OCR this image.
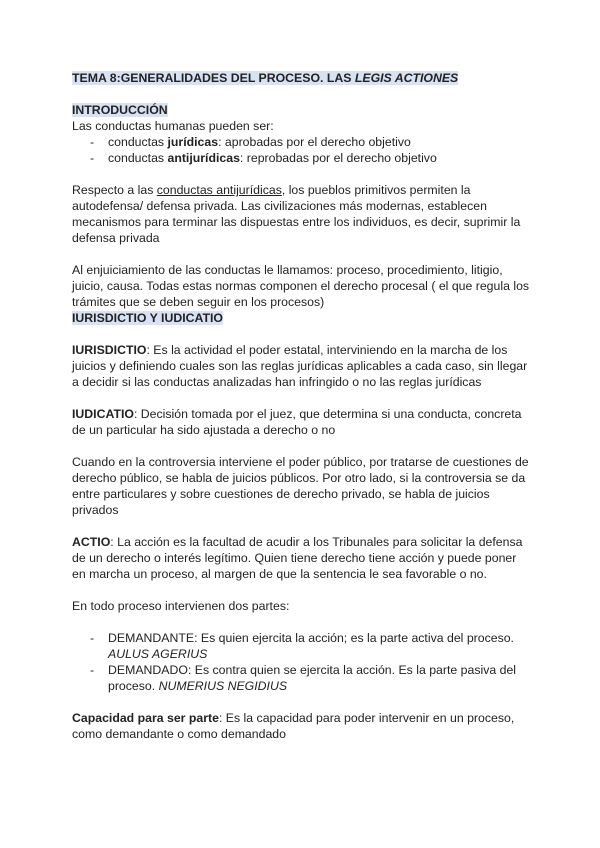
TEMA 8:GENERALIDADES DEL PROCESO. LAS LEGIS ACTIONES

INTRODUCCIÓN

Las conductas humanas pueden ser:

- conductas jurídicas: aprobadas por el derecho objetivo
- conductas antijurídicas: reprobadas por el derecho objetivo

Respecto a las conductas antijurídicas, los pueblos primitivos permiten la autodefensa/ defensa privada. Las civilizaciones más modernas, establecen mecanismos para terminar las dispuestas entre los individuos, es decir, suprimir la defensa privada

Al enjuiciamiento de las conductas le llamamos: proceso, procedimiento, litigio, juicio, causa. Todas estas normas componen el derecho procesal ( el que regula los trámites que se deben seguir en los procesos)

IURISDICTIO Y IUDICATIO

IURISDICTIO: Es la actividad el poder estatal, interviniendo en la marcha de los juicios y definiendo cuales son las reglas jurídicas aplicables a cada caso, sin llegar a decidir si las conductas analizadas han infringido o no las reglas jurídicas

IUDICATIO: Decisión tomada por el juez, que determina si una conducta, concreta de un particular ha sido ajustada a derecho o no

Cuando en la controversia interviene el poder público, por tratarse de cuestiones de derecho público, se habla de juicios públicos. Por otro lado, si la controversia se da entre particulares y sobre cuestiones de derecho privado, se habla de juicios privados

ACTIO: La acción es la facultad de acudir a los Tribunales para solicitar la defensa de un derecho o interés legítimo. Quien tiene derecho tiene acción y puede poner en marcha un proceso, al margen de que la sentencia le sea favorable o no.

En todo proceso intervienen dos partes:

- DEMANDANTE: Es quien ejercita la acción; es la parte activa del proceso. AULUS AGERIUS
- DEMANDADO: Es contra quien se ejercita la acción. Es la parte pasiva del proceso. NUMERIUS NEGIDIUS

Capacidad para ser parte: Es la capacidad para poder intervenir en un proceso, como demandante o como demandado
